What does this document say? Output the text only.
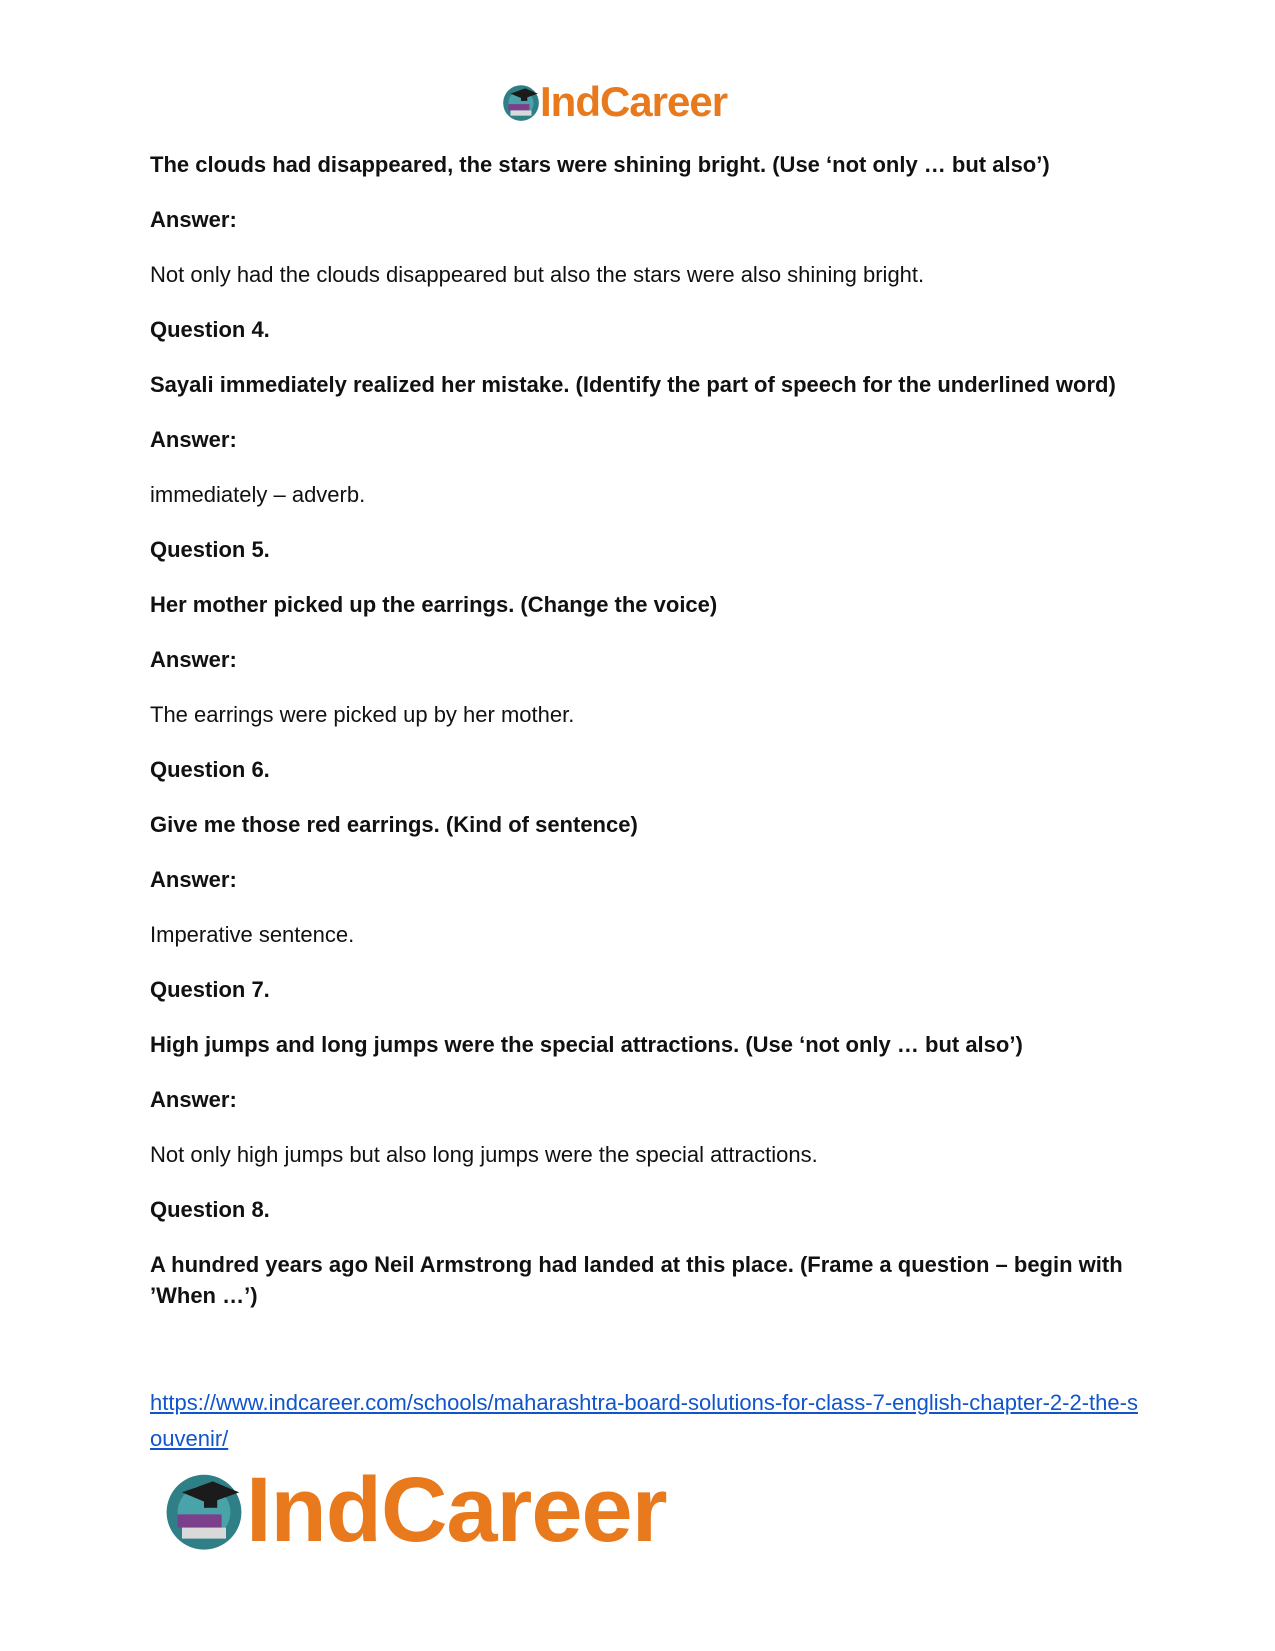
IndCareer

The clouds had disappeared, the stars were shining bright. (Use ‘not only … but also’)

Answer:

Not only had the clouds disappeared but also the stars were also shining bright.

Question 4.

Sayali immediately realized her mistake. (Identify the part of speech for the underlined word)

Answer:

immediately – adverb.

Question 5.

Her mother picked up the earrings. (Change the voice)

Answer:

The earrings were picked up by her mother.

Question 6.

Give me those red earrings. (Kind of sentence)

Answer:

Imperative sentence.

Question 7.

High jumps and long jumps were the special attractions. (Use ‘not only … but also’)

Answer:

Not only high jumps but also long jumps were the special attractions.

Question 8.

A hundred years ago Neil Armstrong had landed at this place. (Frame a question – begin with ’When …’)

https://www.indcareer.com/schools/maharashtra-board-solutions-for-class-7-english-chapter-2-2-the-souvenir/
IndCareer
